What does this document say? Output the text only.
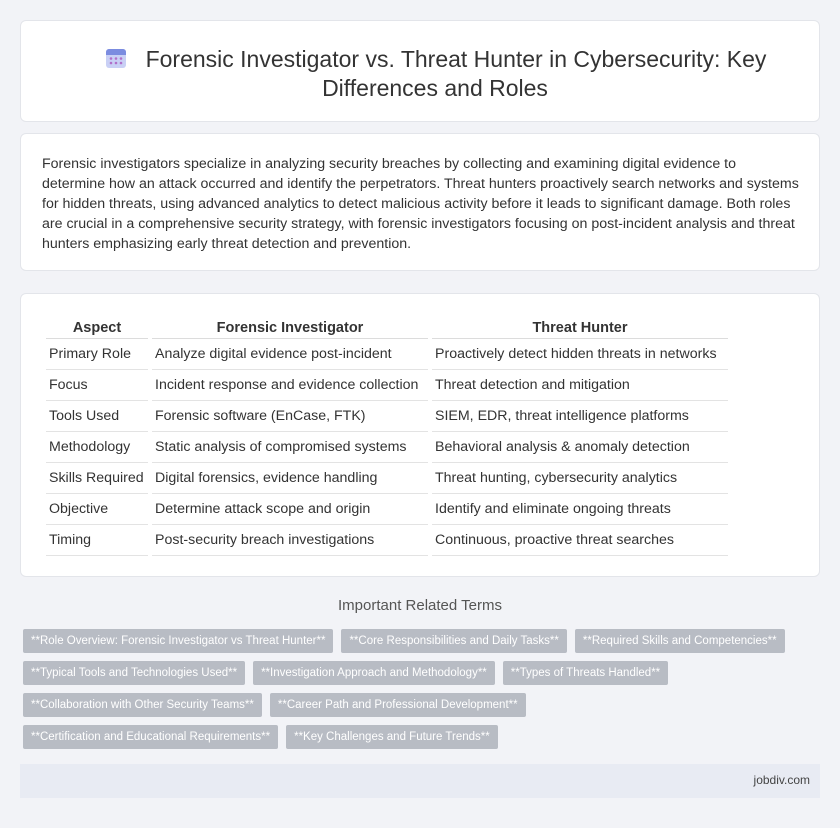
Forensic Investigator vs. Threat Hunter in Cybersecurity: Key Differences and Roles

Forensic investigators specialize in analyzing security breaches by collecting and examining digital evidence to determine how an attack occurred and identify the perpetrators. Threat hunters proactively search networks and systems for hidden threats, using advanced analytics to detect malicious activity before it leads to significant damage. Both roles are crucial in a comprehensive security strategy, with forensic investigators focusing on post-incident analysis and threat hunters emphasizing early threat detection and prevention.

Aspect	Forensic Investigator	Threat Hunter
Primary Role	Analyze digital evidence post-incident	Proactively detect hidden threats in networks
Focus	Incident response and evidence collection	Threat detection and mitigation
Tools Used	Forensic software (EnCase, FTK)	SIEM, EDR, threat intelligence platforms
Methodology	Static analysis of compromised systems	Behavioral analysis & anomaly detection
Skills Required	Digital forensics, evidence handling	Threat hunting, cybersecurity analytics
Objective	Determine attack scope and origin	Identify and eliminate ongoing threats
Timing	Post-security breach investigations	Continuous, proactive threat searches
Important Related Terms
**Role Overview: Forensic Investigator vs Threat Hunter**	**Core Responsibilities and Daily Tasks**	**Required Skills and Competencies**
**Typical Tools and Technologies Used**	**Investigation Approach and Methodology**	**Types of Threats Handled**
**Collaboration with Other Security Teams**	**Career Path and Professional Development**
**Certification and Educational Requirements**	**Key Challenges and Future Trends**
jobdiv.com
